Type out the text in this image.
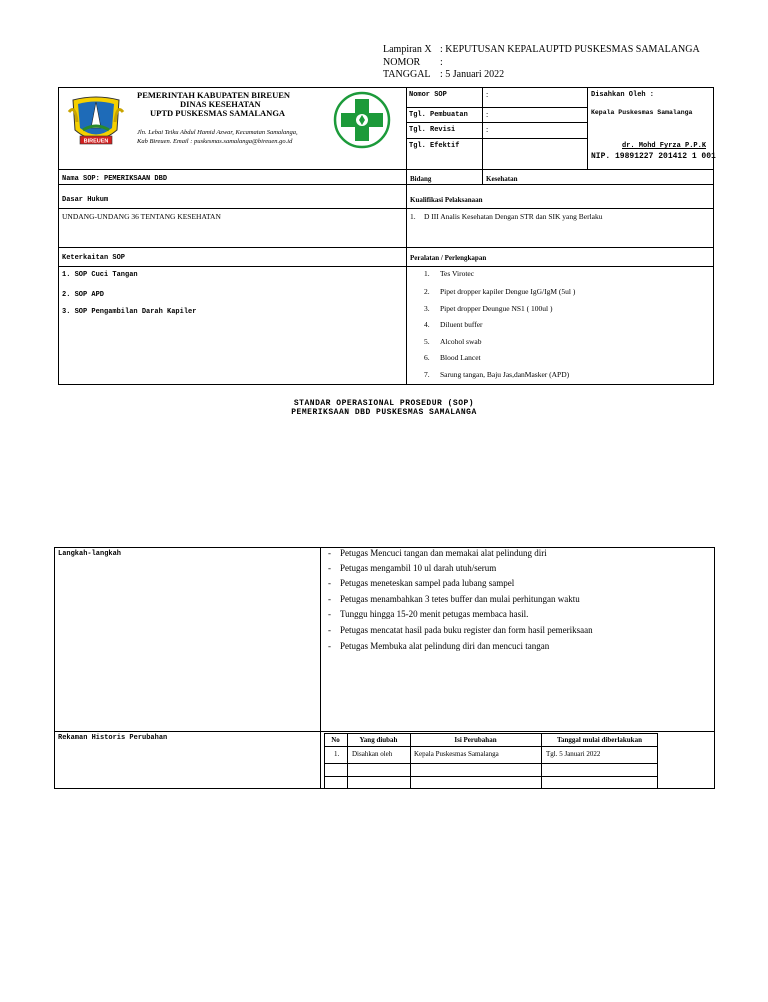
Lampiran X : KEPUTUSAN KEPALAUPTD PUSKESMAS SAMALANGA
NOMOR :
TANGGAL : 5 Januari 2022
BIREUEN
PEMERINTAH KABUPATEN BIREUEN
DINAS KESEHATAN
UPTD PUSKESMAS SAMALANGA
Jln. Lebai Teiku Abdul Hamid Azwar, Kecamatan Samalanga,
Kab Bireuen. Email : puskesmas.samalanga@bireuen.go.id
Nomor SOP	:
Tgl. Pembuatan :
Tgl. Revisi	:
Tgl. Efektif
Disahkan Oleh :
Kepala Puskesmas Samalanga
dr. Mohd Fyrza P.P.K
NIP. 19891227 201412 1 001
Nama SOP: PEMERIKSAAN DBD	Bidang	Kesehatan
Dasar Hukum	Kualifikasi Pelaksanaan
UNDANG-UNDANG 36 TENTANG KESEHATAN	1. D III Analis Kesehatan Dengan STR dan SIK yang Berlaku
Keterkaitan SOP	Peralatan / Perlengkapan
1. SOP Cuci Tangan
2. SOP APD
3. SOP Pengambilan Darah Kapiler
1. Tes Virotec
2. Pipet dropper kapiler Dengue IgG/IgM (5ul )
3. Pipet dropper Deungue NS1 ( 100ul )
4. Diluent buffer
5. Alcohol swab
6. Blood Lancet
7. Sarung tangan, Baju Jas,danMasker (APD)
STANDAR OPERASIONAL PROSEDUR (SOP)
PEMERIKSAAN DBD PUSKESMAS SAMALANGA
Langkah-langkah	- Petugas Mencuci tangan dan memakai alat pelindung diri
- Petugas mengambil 10 ul darah utuh/serum
- Petugas meneteskan sampel pada lubang sampel
- Petugas menambahkan 3 tetes buffer dan mulai perhitungan waktu
- Tunggu hingga 15-20 menit petugas membaca hasil.
- Petugas mencatat hasil pada buku register dan form hasil pemeriksaan
- Petugas Membuka alat pelindung diri dan mencuci tangan
Rekaman Historis Perubahan	No	Yang diubah	Isi Perubahan	Tanggal mulai diberlakukan
1. Disahkan oleh	Kepala Puskesmas Samalanga	Tgl. 5 Januari 2022
